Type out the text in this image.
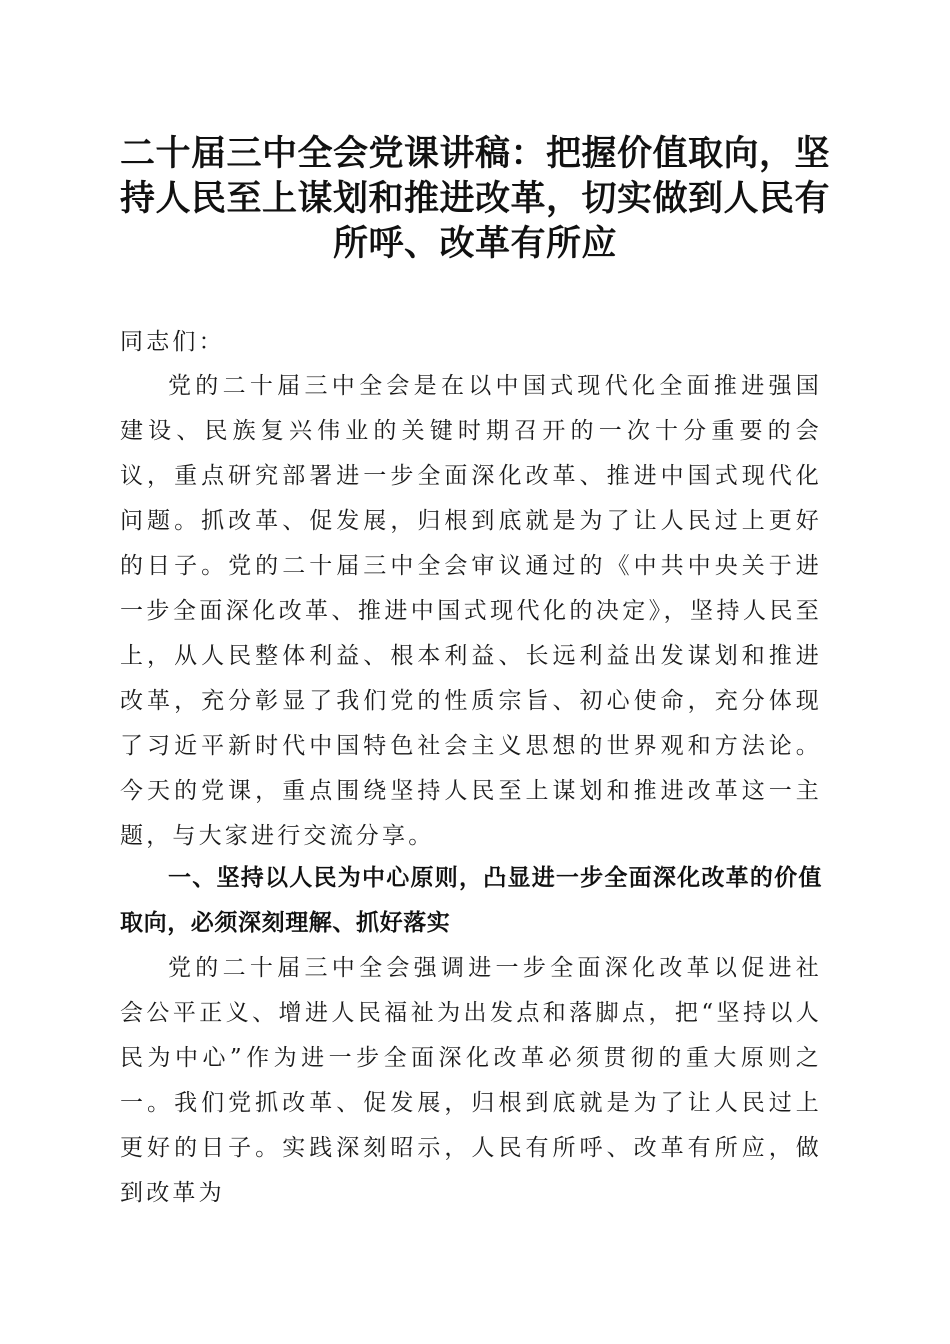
二十届三中全会党课讲稿：把握价值取向，坚持人民至上谋划和推进改革，切实做到人民有所呼、改革有所应

同志们：

党的二十届三中全会是在以中国式现代化全面推进强国建设、民族复兴伟业的关键时期召开的一次十分重要的会议，重点研究部署进一步全面深化改革、推进中国式现代化问题。抓改革、促发展，归根到底就是为了让人民过上更好的日子。党的二十届三中全会审议通过的《中共中央关于进一步全面深化改革、推进中国式现代化的决定》，坚持人民至上，从人民整体利益、根本利益、长远利益出发谋划和推进改革，充分彰显了我们党的性质宗旨、初心使命，充分体现了习近平新时代中国特色社会主义思想的世界观和方法论。今天的党课，重点围绕坚持人民至上谋划和推进改革这一主题，与大家进行交流分享。

一、坚持以人民为中心原则，凸显进一步全面深化改革的价值取向，必须深刻理解、抓好落实

党的二十届三中全会强调进一步全面深化改革以促进社会公平正义、增进人民福祉为出发点和落脚点，把“坚持以人民为中心”作为进一步全面深化改革必须贯彻的重大原则之一。我们党抓改革、促发展，归根到底就是为了让人民过上更好的日子。实践深刻昭示，人民有所呼、改革有所应，做到改革为
